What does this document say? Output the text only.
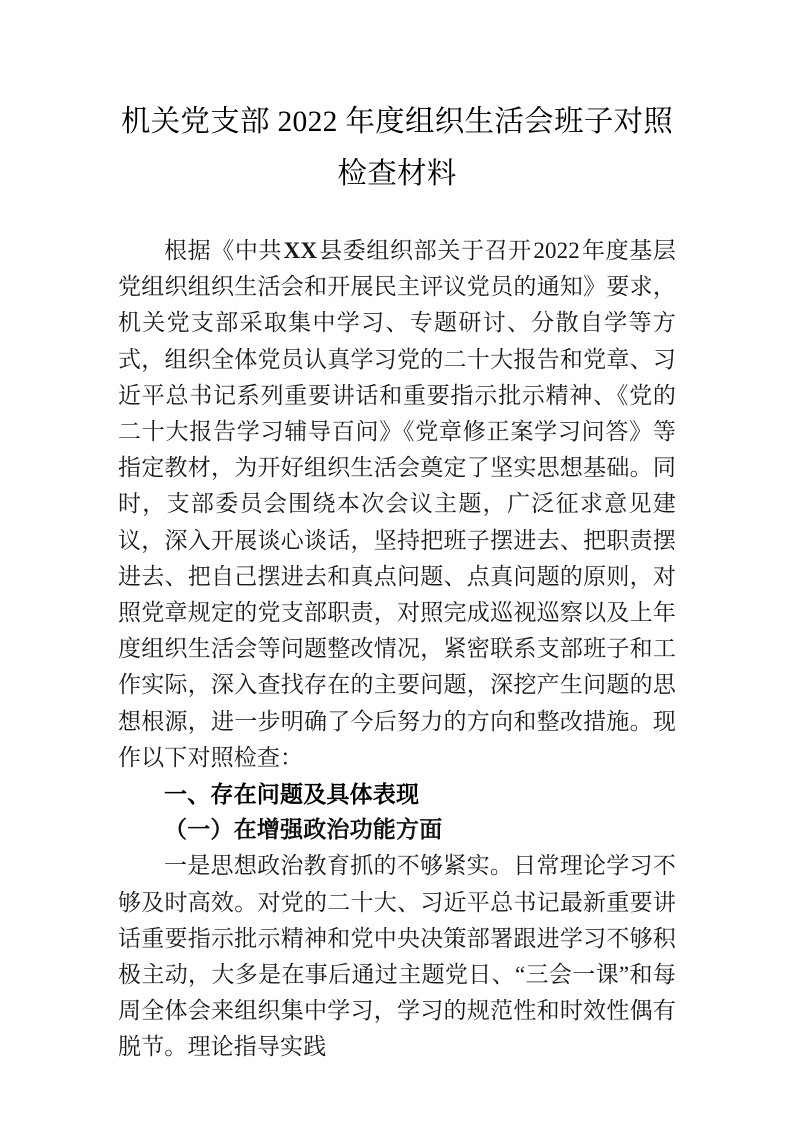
机关党支部 2022 年度组织生活会班子对照
检查材料

根据《中共XX县委组织部关于召开2022年度基层党组织组织生活会和开展民主评议党员的通知》要求，机关党支部采取集中学习、专题研讨、分散自学等方式，组织全体党员认真学习党的二十大报告和党章、习近平总书记系列重要讲话和重要指示批示精神、《党的二十大报告学习辅导百问》《党章修正案学习问答》等指定教材，为开好组织生活会奠定了坚实思想基础。同时，支部委员会围绕本次会议主题，广泛征求意见建议，深入开展谈心谈话，坚持把班子摆进去、把职责摆进去、把自己摆进去和真点问题、点真问题的原则，对照党章规定的党支部职责，对照完成巡视巡察以及上年度组织生活会等问题整改情况，紧密联系支部班子和工作实际，深入查找存在的主要问题，深挖产生问题的思想根源，进一步明确了今后努力的方向和整改措施。现作以下对照检查：

一、存在问题及具体表现

（一）在增强政治功能方面

一是思想政治教育抓的不够紧实。日常理论学习不够及时高效。对党的二十大、习近平总书记最新重要讲话重要指示批示精神和党中央决策部署跟进学习不够积极主动，大多是在事后通过主题党日、“三会一课”和每周全体会来组织集中学习，学习的规范性和时效性偶有脱节。理论指导实践
